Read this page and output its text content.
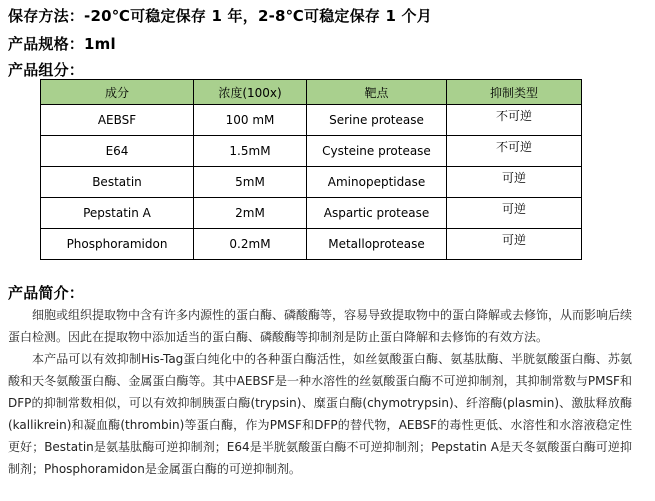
保存方法：-20℃可稳定保存 1 年，2-8℃可稳定保存 1 个月
产品规格：1ml
产品组分：
成分	浓度(100x)	靶点	抑制类型
AEBSF	100 mM	Serine protease	不可逆
E64	1.5mM	Cysteine protease	不可逆
Bestatin	5mM	Aminopeptidase	可逆
Pepstatin A	2mM	Aspartic protease	可逆
Phosphoramidon	0.2mM	Metalloprotease	可逆
产品简介：

细胞或组织提取物中含有许多内源性的蛋白酶、磷酸酶等，容易导致提取物中的蛋白降解或去修饰，从而影响后续蛋白检测。因此在提取物中添加适当的蛋白酶、磷酸酶等抑制剂是防止蛋白降解和去修饰的有效方法。

本产品可以有效抑制His-Tag蛋白纯化中的各种蛋白酶活性，如丝氨酸蛋白酶、氨基肽酶、半胱氨酸蛋白酶、苏氨酸和天冬氨酸蛋白酶、金属蛋白酶等。其中AEBSF是一种水溶性的丝氨酸蛋白酶不可逆抑制剂，其抑制常数与PMSF和DFP的抑制常数相似，可以有效抑制胰蛋白酶(trypsin)、糜蛋白酶(chymotrypsin)、纤溶酶(plasmin)、激肽释放酶(kallikrein)和凝血酶(thrombin)等蛋白酶，作为PMSF和DFP的替代物，AEBSF的毒性更低、水溶性和水溶液稳定性更好；Bestatin是氨基肽酶可逆抑制剂；E64是半胱氨酸蛋白酶不可逆抑制剂；Pepstatin A是天冬氨酸蛋白酶可逆抑制剂；Phosphoramidon是金属蛋白酶的可逆抑制剂。
